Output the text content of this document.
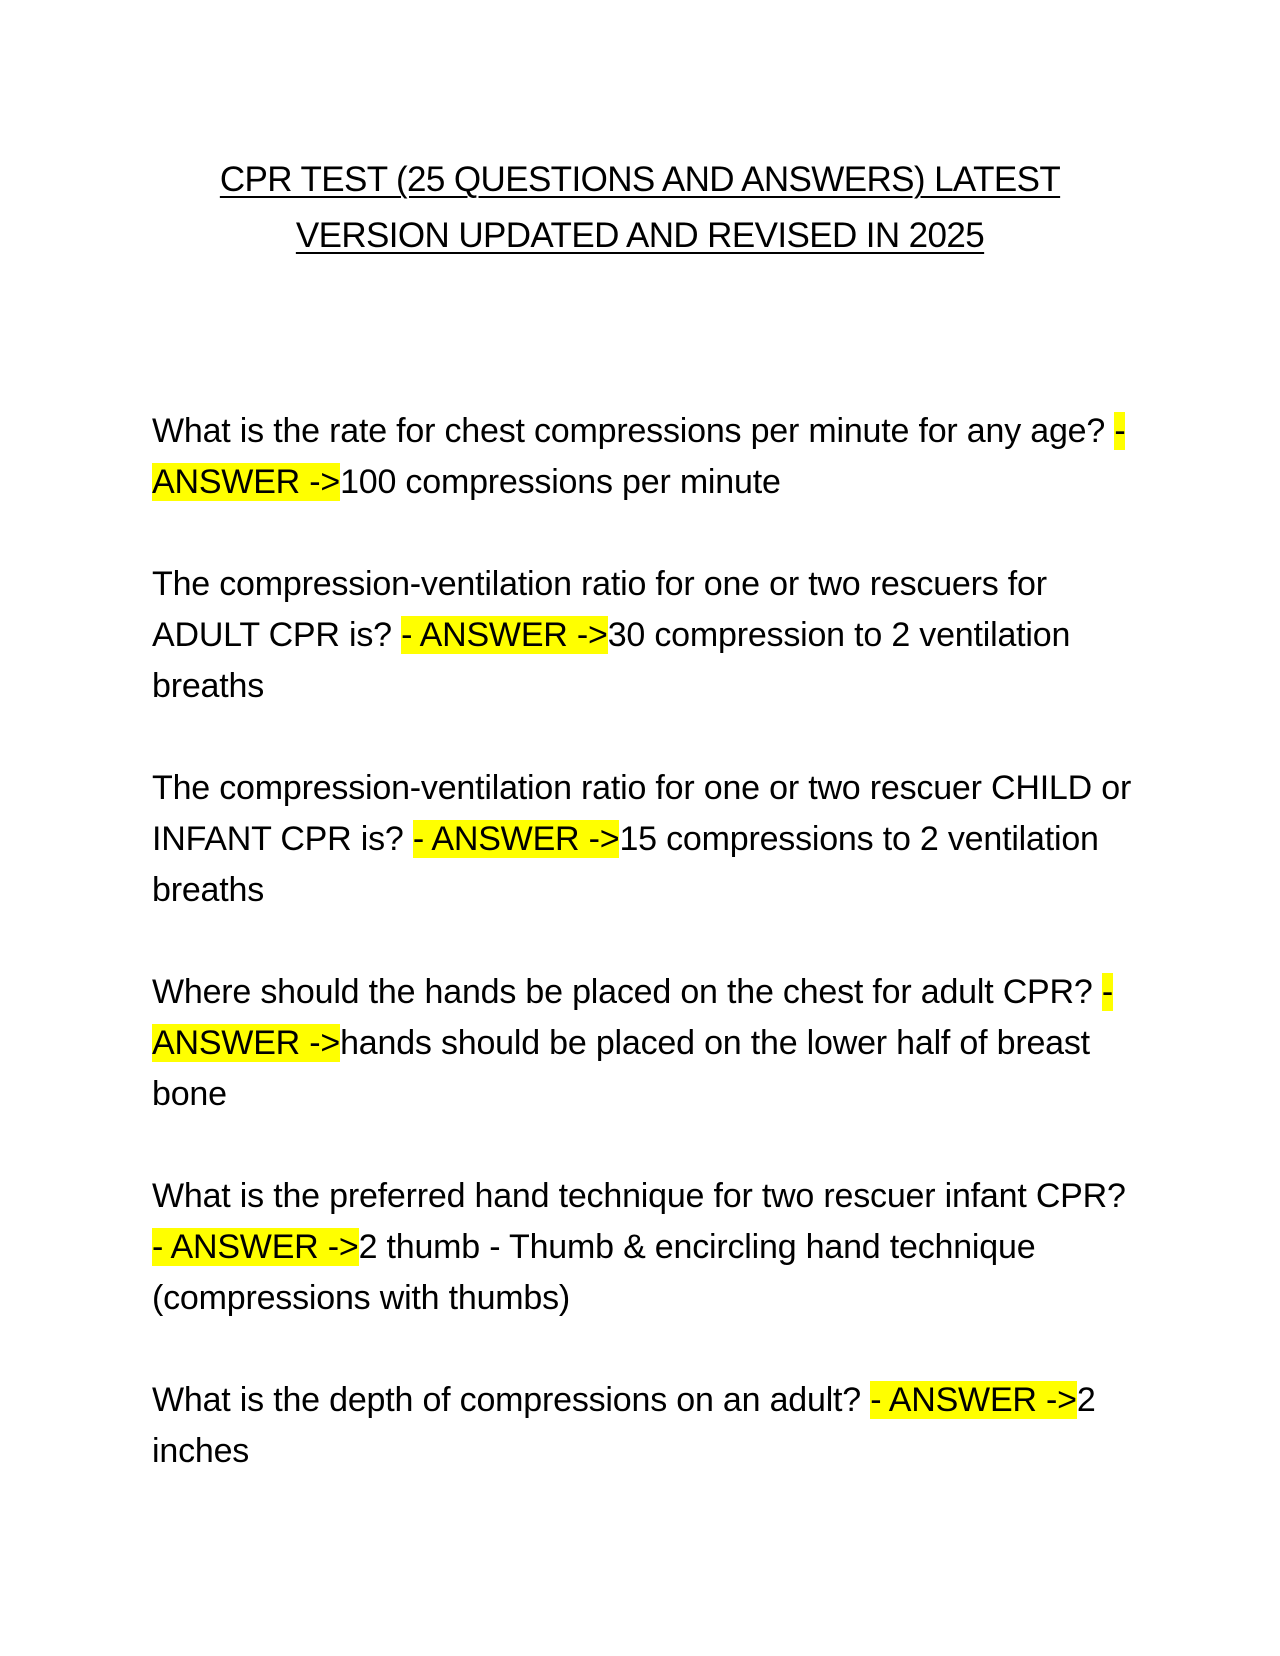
CPR TEST (25 QUESTIONS AND ANSWERS) LATEST
VERSION UPDATED AND REVISED IN 2025

What is the rate for chest compressions per minute for any age? - ANSWER ->100 compressions per minute

The compression-ventilation ratio for one or two rescuers for ADULT CPR is? - ANSWER ->30 compression to 2 ventilation breaths

The compression-ventilation ratio for one or two rescuer CHILD or INFANT CPR is? - ANSWER ->15 compressions to 2 ventilation breaths

Where should the hands be placed on the chest for adult CPR? - ANSWER ->hands should be placed on the lower half of breast bone

What is the preferred hand technique for two rescuer infant CPR? - ANSWER ->2 thumb - Thumb & encircling hand technique (compressions with thumbs)

What is the depth of compressions on an adult? - ANSWER ->2 inches
